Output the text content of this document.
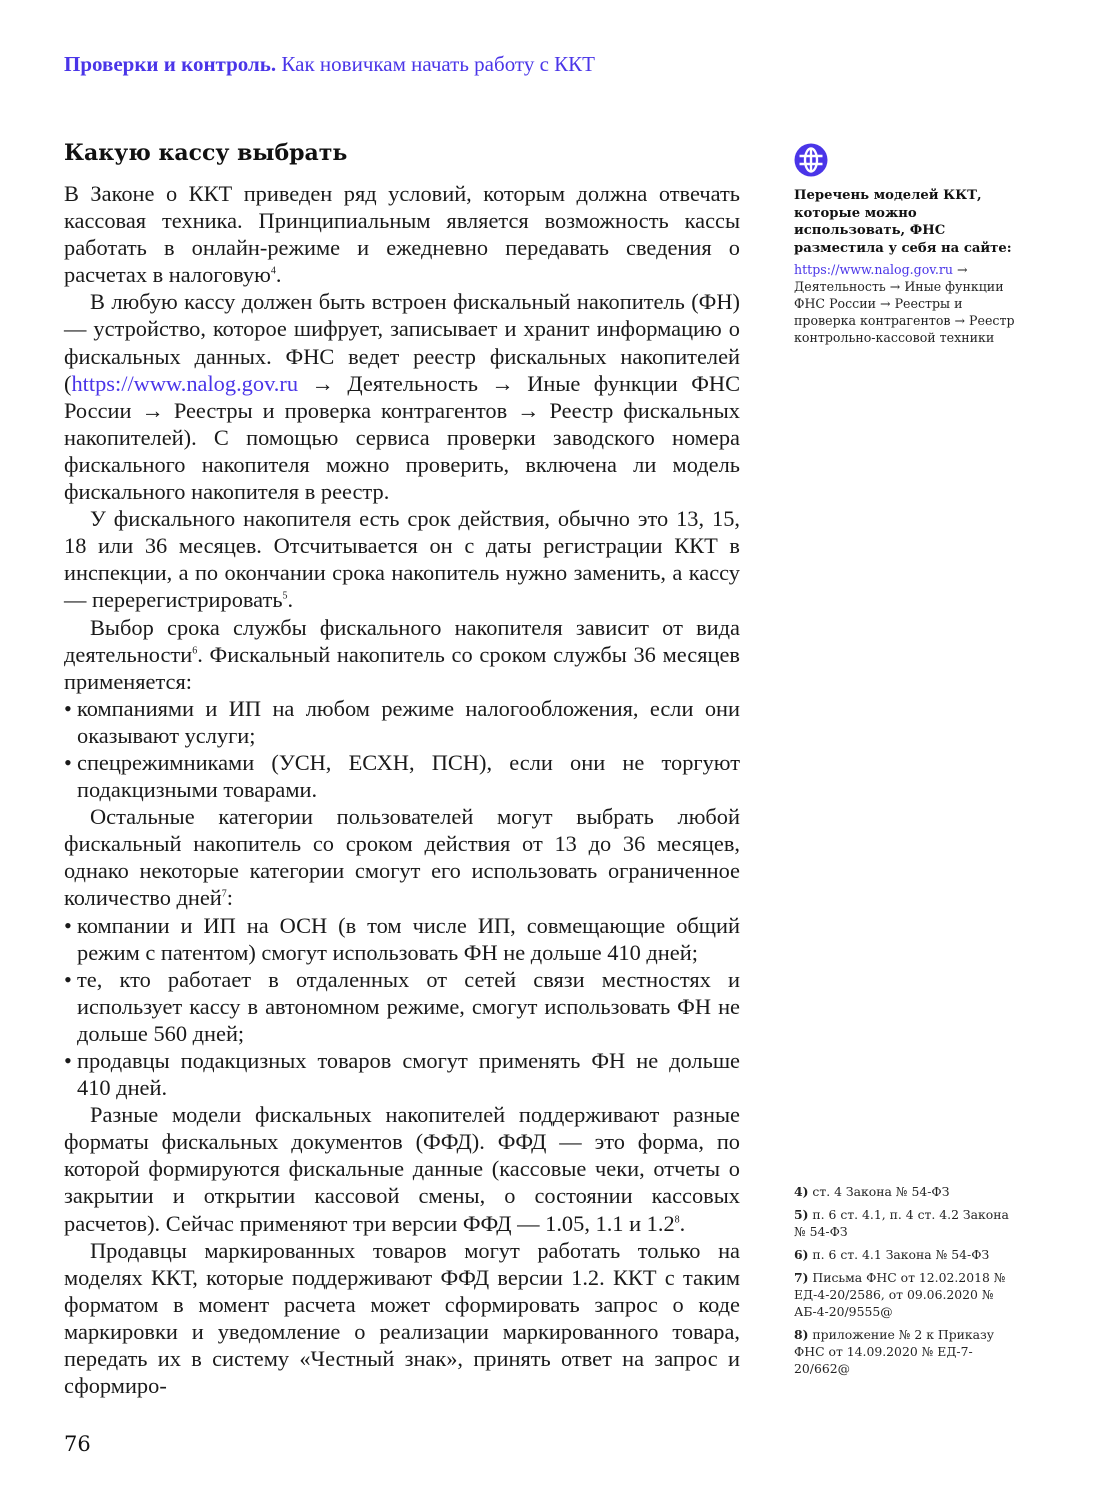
Проверки и контроль. Как новичкам начать работу с ККТ
Какую кассу выбрать

В Законе о ККТ приведен ряд условий, которым должна отвечать кассовая техника. Принципиальным является возможность кассы работать в онлайн-режиме и ежедневно передавать сведения о расчетах в налоговую$^4$.

В любую кассу должен быть встроен фискальный накопитель (ФН) — устройство, которое шифрует, записывает и хранит информацию о фискальных данных. ФНС ведет реестр фискальных накопителей (https://www.nalog.gov.ru → Деятельность → Иные функции ФНС России → Реестры и проверка контрагентов → Реестр фискальных накопителей). С помощью сервиса проверки заводского номера фискального накопителя можно проверить, включена ли модель фискального накопителя в реестр.

У фискального накопителя есть срок действия, обычно это 13, 15, 18 или 36 месяцев. Отсчитывается он с даты регистрации ККТ в инспекции, а по окончании срока накопитель нужно заменить, а кассу — перерегистрировать$^5$.

Выбор срока службы фискального накопителя зависит от вида деятельности$^6$. Фискальный накопитель со сроком службы 36 месяцев применяется:

• компаниями и ИП на любом режиме налогообложения, если они оказывают услуги;
• спецрежимниками (УСН, ЕСХН, ПСН), если они не торгуют подакцизными товарами.

Остальные категории пользователей могут выбрать любой фискальный накопитель со сроком действия от 13 до 36 месяцев, однако некоторые категории смогут его использовать ограниченное количество дней$^7$:

• компании и ИП на ОСН (в том числе ИП, совмещающие общий режим с патентом) смогут использовать ФН не дольше 410 дней;
• те, кто работает в отдаленных от сетей связи местностях и использует кассу в автономном режиме, смогут использовать ФН не дольше 560 дней;
• продавцы подакцизных товаров смогут применять ФН не дольше 410 дней.

Разные модели фискальных накопителей поддерживают разные форматы фискальных документов (ФФД). ФФД — это форма, по которой формируются фискальные данные (кассовые чеки, отчеты о закрытии и открытии кассовой смены, о состоянии кассовых расчетов). Сейчас применяют три версии ФФД — 1.05, 1.1 и $1.2^8$.

Продавцы маркированных товаров могут работать только на моделях ККТ, которые поддерживают ФФД версии 1.2. ККТ с таким форматом в момент расчета может сформировать запрос о коде маркировки и уведомление о реализации маркированного товара, передать их в систему «Честный знак», принять ответ на запрос и сформиро-

Перечень моделей ККТ, которые можно использовать, ФНС разместила у себя на сайте:
https://www.nalog.gov.ru → Деятельность → Иные функции ФНС России → Реестры и проверка контрагентов → Реестр контрольно-кассовой техники
4) ст. 4 Закона № 54-ФЗ
5) п. 6 ст. 4.1, п. 4 ст. 4.2 Закона № 54-ФЗ
6) п. 6 ст. 4.1 Закона № 54-ФЗ
7) Письма ФНС от 12.02.2018 № ЕД-4-20/2586, от 09.06.2020 № АБ-4-20/9555@
8) приложение № 2 к Приказу ФНС от 14.09.2020 № ЕД-7-20/662@
76
